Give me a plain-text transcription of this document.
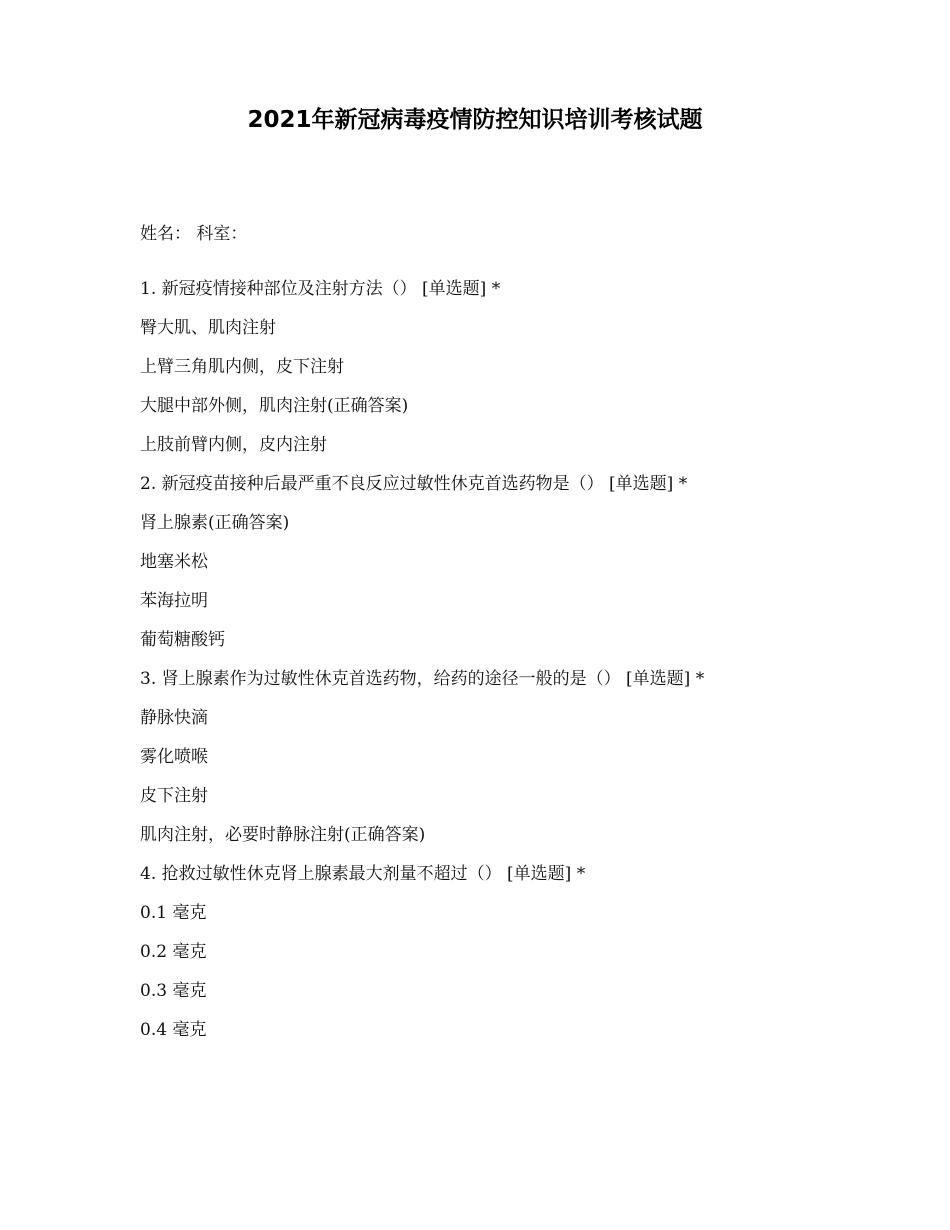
2021年新冠病毒疫情防控知识培训考核试题
姓名： 科室：
1. 新冠疫情接种部位及注射方法（） [单选题] *
臀大肌、肌肉注射
上臂三角肌内侧，皮下注射
大腿中部外侧，肌肉注射(正确答案)
上肢前臂内侧，皮内注射
2. 新冠疫苗接种后最严重不良反应过敏性休克首选药物是（） [单选题] *
肾上腺素(正确答案)
地塞米松
苯海拉明
葡萄糖酸钙
3. 肾上腺素作为过敏性休克首选药物，给药的途径一般的是（） [单选题] *
静脉快滴
雾化喷喉
皮下注射
肌肉注射，必要时静脉注射(正确答案)
4. 抢救过敏性休克肾上腺素最大剂量不超过（） [单选题] *
0.1 毫克
0.2 毫克
0.3 毫克
0.4 毫克
